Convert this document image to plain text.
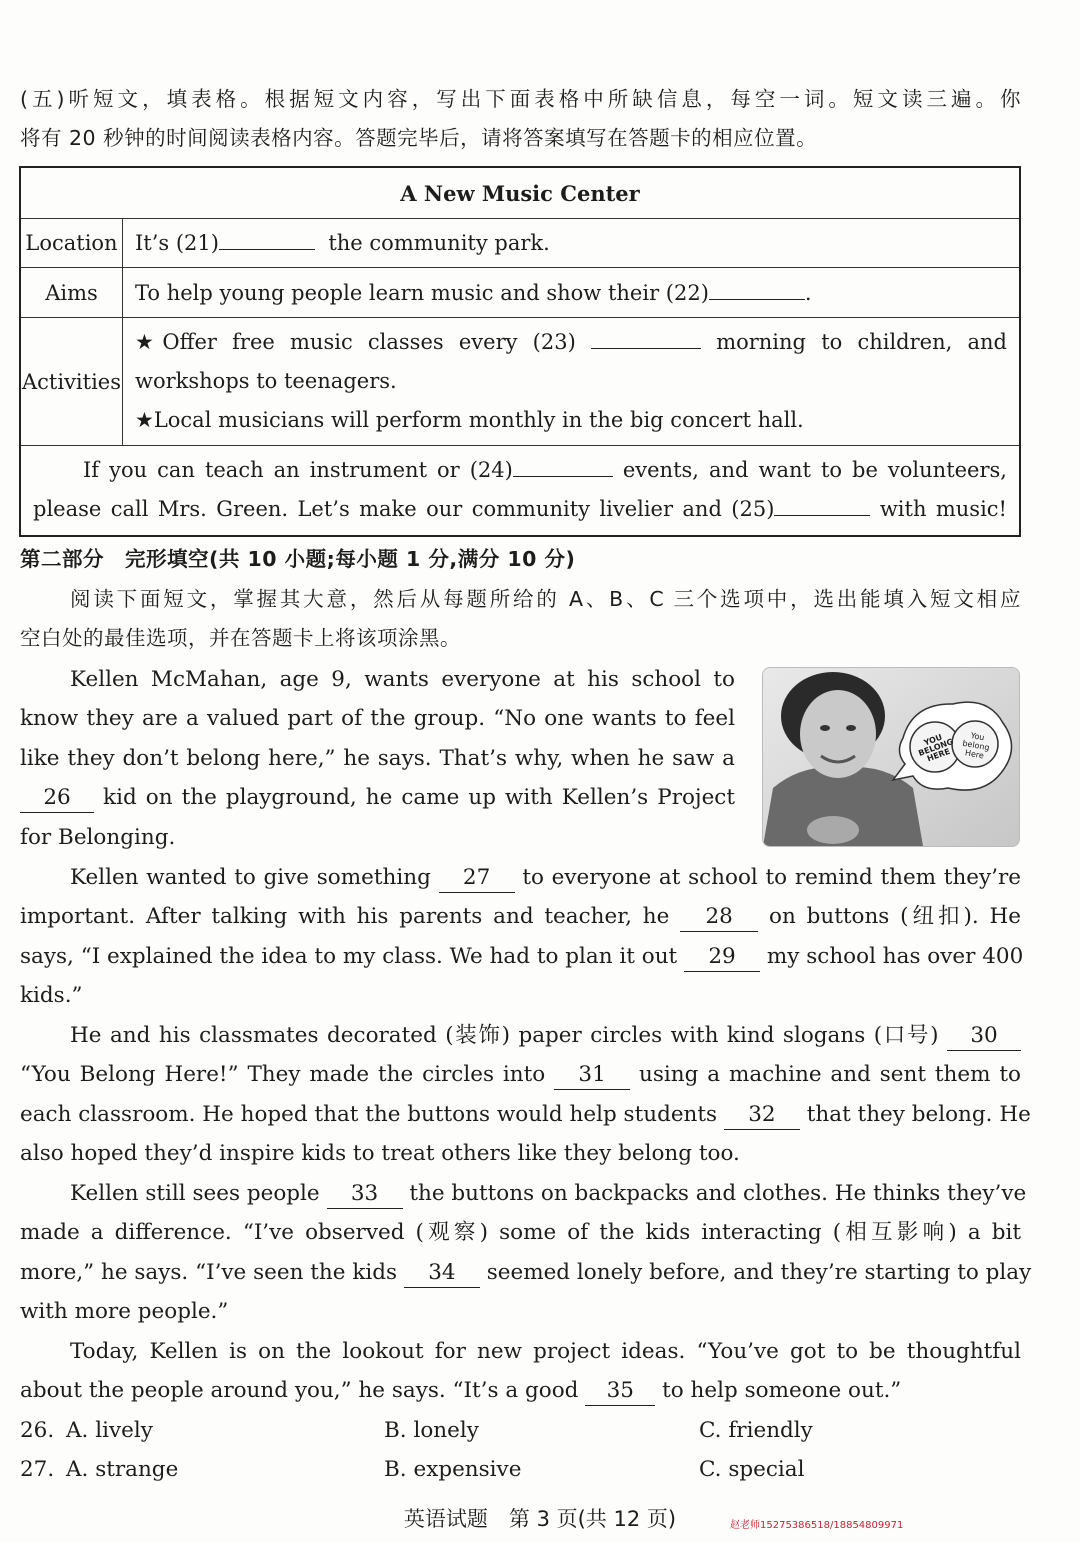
(五)听短文，填表格。根据短文内容，写出下面表格中所缺信息，每空一词。短文读三遍。你
将有 20 秒钟的时间阅读表格内容。答题完毕后，请将答案填写在答题卡的相应位置。
A New Music Center	
Location	It’s (21) the community park.
Aims	To help young people learn music and show their (22) .
Activities	★Offer free music classes every (23) morning to children, and
workshops to teenagers.
★Local musicians will perform monthly in the big concert hall.

If you can teach an instrument or (24) events, and want to be volunteers,
please call Mrs. Green. Let’s make our community livelier and (25) with music!	
第二部分　完形填空(共 10 小题;每小题 1 分,满分 10 分)
阅读下面短文，掌握其大意，然后从每题所给的 A、B、C 三个选项中，选出能填入短文相应
空白处的最佳选项，并在答题卡上将该项涂黑。
Kellen McMahan, age 9, wants everyone at his school to
know they are a valued part of the group. “No one wants to feel
like they don’t belong here,” he says. That’s why, when he saw a
26 kid on the playground, he came up with Kellen’s Project
for Belonging.
YOU BELONG HERE
You belong Here
Kellen wanted to give something 27 to everyone at school to remind them they’re
important. After talking with his parents and teacher, he 28 on buttons (纽扣). He
says, “I explained the idea to my class. We had to plan it out 29 my school has over 400
kids.”
He and his classmates decorated (装饰) paper circles with kind slogans (口号) 30
“You Belong Here!” They made the circles into 31 using a machine and sent them to
each classroom. He hoped that the buttons would help students 32 that they belong. He
also hoped they’d inspire kids to treat others like they belong too.
Kellen still sees people 33 the buttons on backpacks and clothes. He thinks they’ve
made a difference. “I’ve observed (观察) some of the kids interacting (相互影响) a bit
more,” he says. “I’ve seen the kids 34 seemed lonely before, and they’re starting to play
with more people.”
Today, Kellen is on the lookout for new project ideas. “You’ve got to be thoughtful
about the people around you,” he says. “It’s a good 35 to help someone out.”
26. A. lively	B. lonely	C. friendly
27. A. strange	B. expensive	C. special
英语试题　第 3 页(共 12 页)	赵老师15275386518/18854809971
